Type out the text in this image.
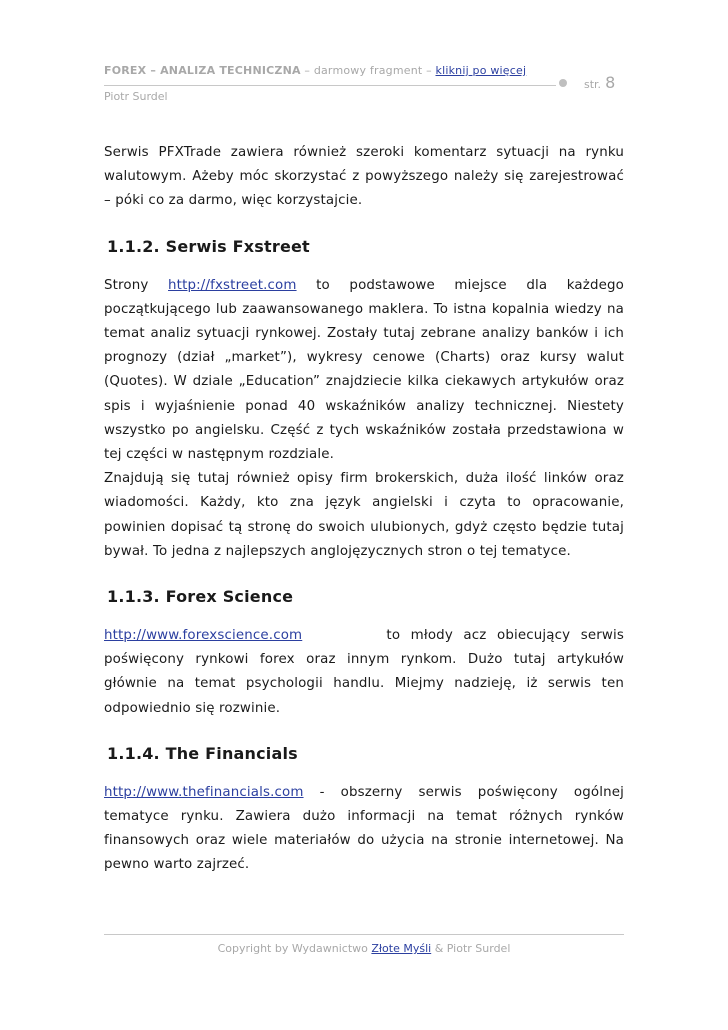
FOREX – ANALIZA TECHNICZNA – darmowy fragment – kliknij po więcej
str. 8
Piotr Surdel

Serwis PFXTrade zawiera również szeroki komentarz sytuacji na rynku walutowym. Ażeby móc skorzystać z powyższego należy się zarejestrować – póki co za darmo, więc korzystajcie.

1.1.2. Serwis Fxstreet

Strony http://fxstreet.com to podstawowe miejsce dla każdego początkującego lub zaawansowanego maklera. To istna kopalnia wiedzy na temat analiz sytuacji rynkowej. Zostały tutaj zebrane analizy banków i ich prognozy (dział „market”), wykresy cenowe (Charts) oraz kursy walut (Quotes). W dziale „Education” znajdziecie kilka ciekawych artykułów oraz spis i wyjaśnienie ponad 40 wskaźników analizy technicznej. Niestety wszystko po angielsku. Część z tych wskaźników została przedstawiona w tej części w następnym rozdziale.

Znajdują się tutaj również opisy firm brokerskich, duża ilość linków oraz wiadomości. Każdy, kto zna język angielski i czyta to opracowanie, powinien dopisać tą stronę do swoich ulubionych, gdyż często będzie tutaj bywał. To jedna z najlepszych anglojęzycznych stron o tej tematyce.

1.1.3. Forex Science

http://www.forexscience.com        to młody acz obiecujący serwis poświęcony rynkowi forex oraz innym rynkom. Dużo tutaj artykułów głównie na temat psychologii handlu. Miejmy nadzieję, iż serwis ten odpowiednio się rozwinie.

1.1.4. The Financials

http://www.thefinancials.com - obszerny serwis poświęcony ogólnej tematyce rynku. Zawiera dużo informacji na temat różnych rynków finansowych oraz wiele materiałów do użycia na stronie internetowej. Na pewno warto zajrzeć.

Copyright by Wydawnictwo Złote Myśli & Piotr Surdel
